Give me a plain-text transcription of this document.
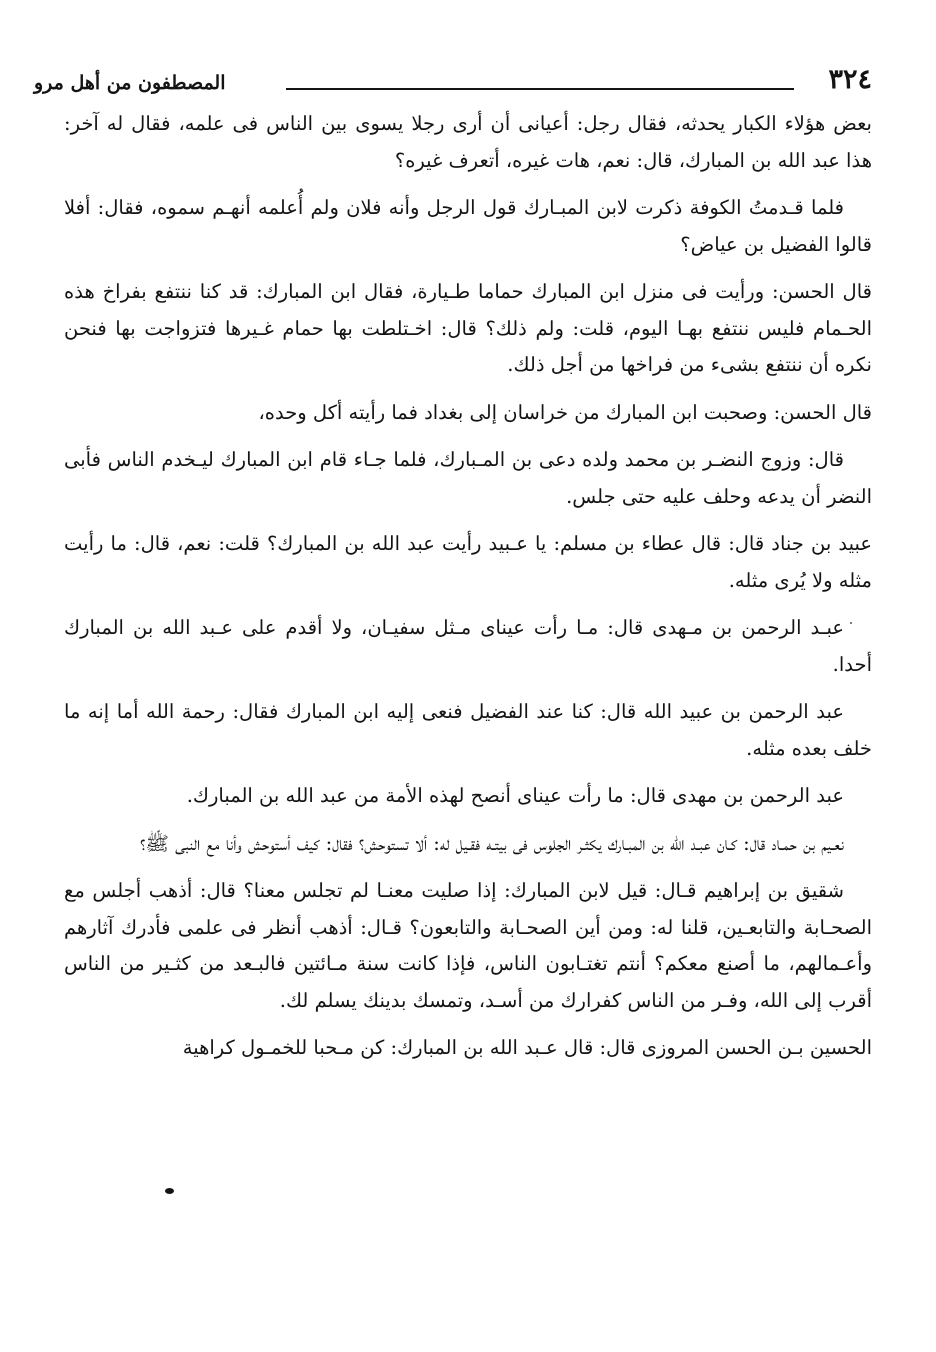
٣٢٤
المصطفون من أهل مرو

بعض هؤلاء الكبار يحدثه، فقال رجل: أعيانى أن أرى رجلا يسوى بين الناس فى علمه، فقال له آخر: هذا عبد الله بن المبارك، قال: نعم، هات غيره، أتعرف غيره؟

فلما قـدمتُ الكوفة ذكرت لابن المبـارك قول الرجل وأنه فلان ولم أُعلمه أنهـم سموه، فقال: أفلا قالوا الفضيل بن عياض؟

قال الحسن: ورأيت فى منزل ابن المبارك حماما طـيارة، فقال ابن المبارك: قد كنا ننتفع بفراخ هذه الحـمام فليس ننتفع بهـا اليوم، قلت: ولم ذلك؟ قال: اخـتلطت بها حمام غـيرها فتزواجت بها فنحن نكره أن ننتفع بشىء من فراخها من أجل ذلك.

قال الحسن: وصحبت ابن المبارك من خراسان إلى بغداد فما رأيته أكل وحده،

قال: وزوج النضـر بن محمد ولده دعى بن المـبارك، فلما جـاء قام ابن المبارك ليـخدم الناس فأبى النضر أن يدعه وحلف عليه حتى جلس.

عبيد بن جناد قال: قال عطاء بن مسلم: يا عـبيد رأيت عبد الله بن المبارك؟ قلت: نعم، قال: ما رأيت مثله ولا يُرى مثله.

عبـد الرحمن بن مـهدى قال: مـا رأت عيناى مـثل سفيـان، ولا أقدم على عـبد الله بن المبارك أحدا.

عبد الرحمن بن عبيد الله قال: كنا عند الفضيل فنعى إليه ابن المبارك فقال: رحمة الله أما إنه ما خلف بعده مثله.

عبد الرحمن بن مهدى قال: ما رأت عيناى أنصح لهذه الأمة من عبد الله بن المبارك.

نعـيم بن حمـاد قال: كـان عبـد الله بن المبـارك يكثـر الجلوس فى بيتـه فقـيل له: ألا تستوحش؟ فقال: كيف أستوحش وأنا مع النبى ﷺ؟

شقيق بن إبراهيم قـال: قيل لابن المبارك: إذا صليت معنـا لم تجلس معنا؟ قال: أذهب أجلس مع الصحـابة والتابعـين، قلنا له: ومن أين الصحـابة والتابعون؟ قـال: أذهب أنظر فى علمى فأدرك آثارهم وأعـمالهم، ما أصنع معكم؟ أنتم تغتـابون الناس، فإذا كانت سنة مـائتين فالبـعد من كثـير من الناس أقرب إلى الله، وفـر من الناس كفرارك من أسـد، وتمسك بدينك يسلم لك.

الحسين بـن الحسن المروزى قال: قال عـبد الله بن المبارك: كن مـحبا للخمـول كراهية
